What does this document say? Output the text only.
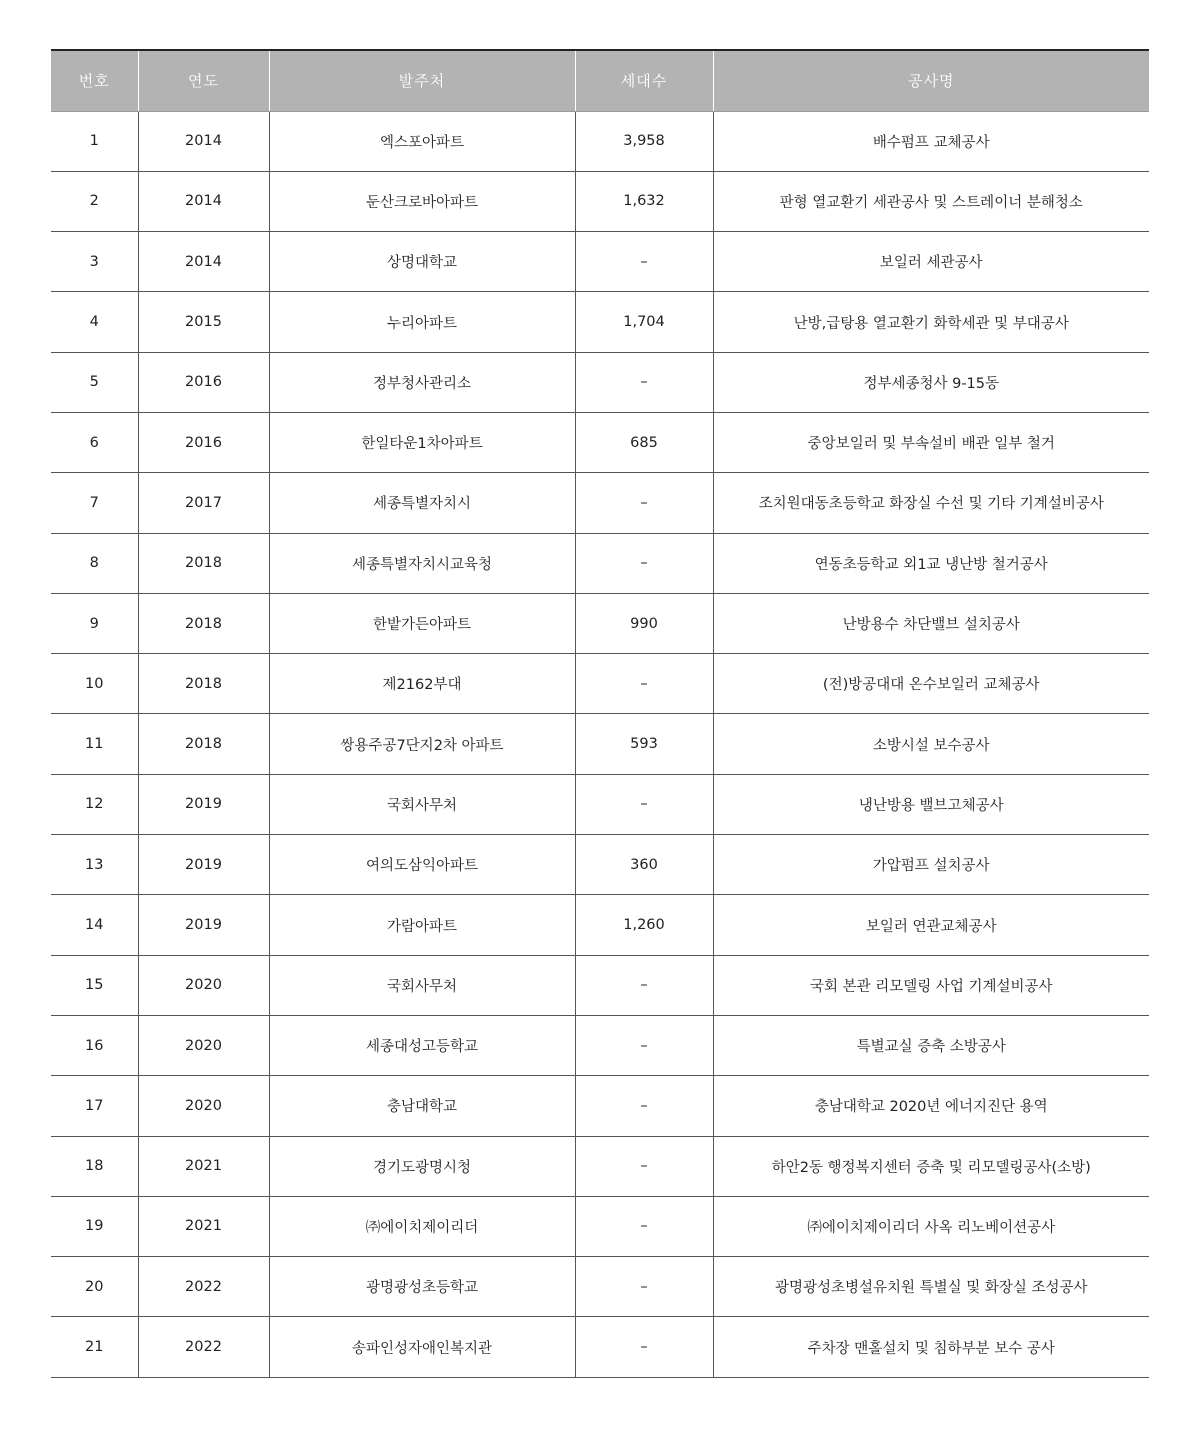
번호	연도	발주처	세대수	공사명
1	2014	엑스포아파트	3,958	배수펌프 교체공사
2	2014	둔산크로바아파트	1,632	판형 열교환기 세관공사 및 스트레이너 분해청소
3	2014	상명대학교	–	보일러 세관공사
4	2015	누리아파트	1,704	난방,급탕용 열교환기 화학세관 및 부대공사
5	2016	정부청사관리소	–	정부세종청사 9-15동
6	2016	한일타운1차아파트	685	중앙보일러 및 부속설비 배관 일부 철거
7	2017	세종특별자치시	–	조치원대동초등학교 화장실 수선 및 기타 기계설비공사
8	2018	세종특별자치시교육청	–	연동초등학교 외1교 냉난방 철거공사
9	2018	한밭가든아파트	990	난방용수 차단밸브 설치공사
10	2018	제2162부대	–	(전)방공대대 온수보일러 교체공사
11	2018	쌍용주공7단지2차 아파트	593	소방시설 보수공사
12	2019	국회사무처	–	냉난방용 밸브고체공사
13	2019	여의도삼익아파트	360	가압펌프 설치공사
14	2019	가람아파트	1,260	보일러 연관교체공사
15	2020	국회사무처	–	국회 본관 리모델링 사업 기계설비공사
16	2020	세종대성고등학교	–	특별교실 증축 소방공사
17	2020	충남대학교	–	충남대학교 2020년 에너지진단 용역
18	2021	경기도광명시청	–	하안2동 행정복지센터 증축 및 리모델링공사(소방)
19	2021	㈜에이치제이리더	–	㈜에이치제이리더 사옥 리노베이션공사
20	2022	광명광성초등학교	–	광명광성초병설유치원 특별실 및 화장실 조성공사
21	2022	송파인성자애인복지관	–	주차장 맨홀설치 및 침하부분 보수 공사
